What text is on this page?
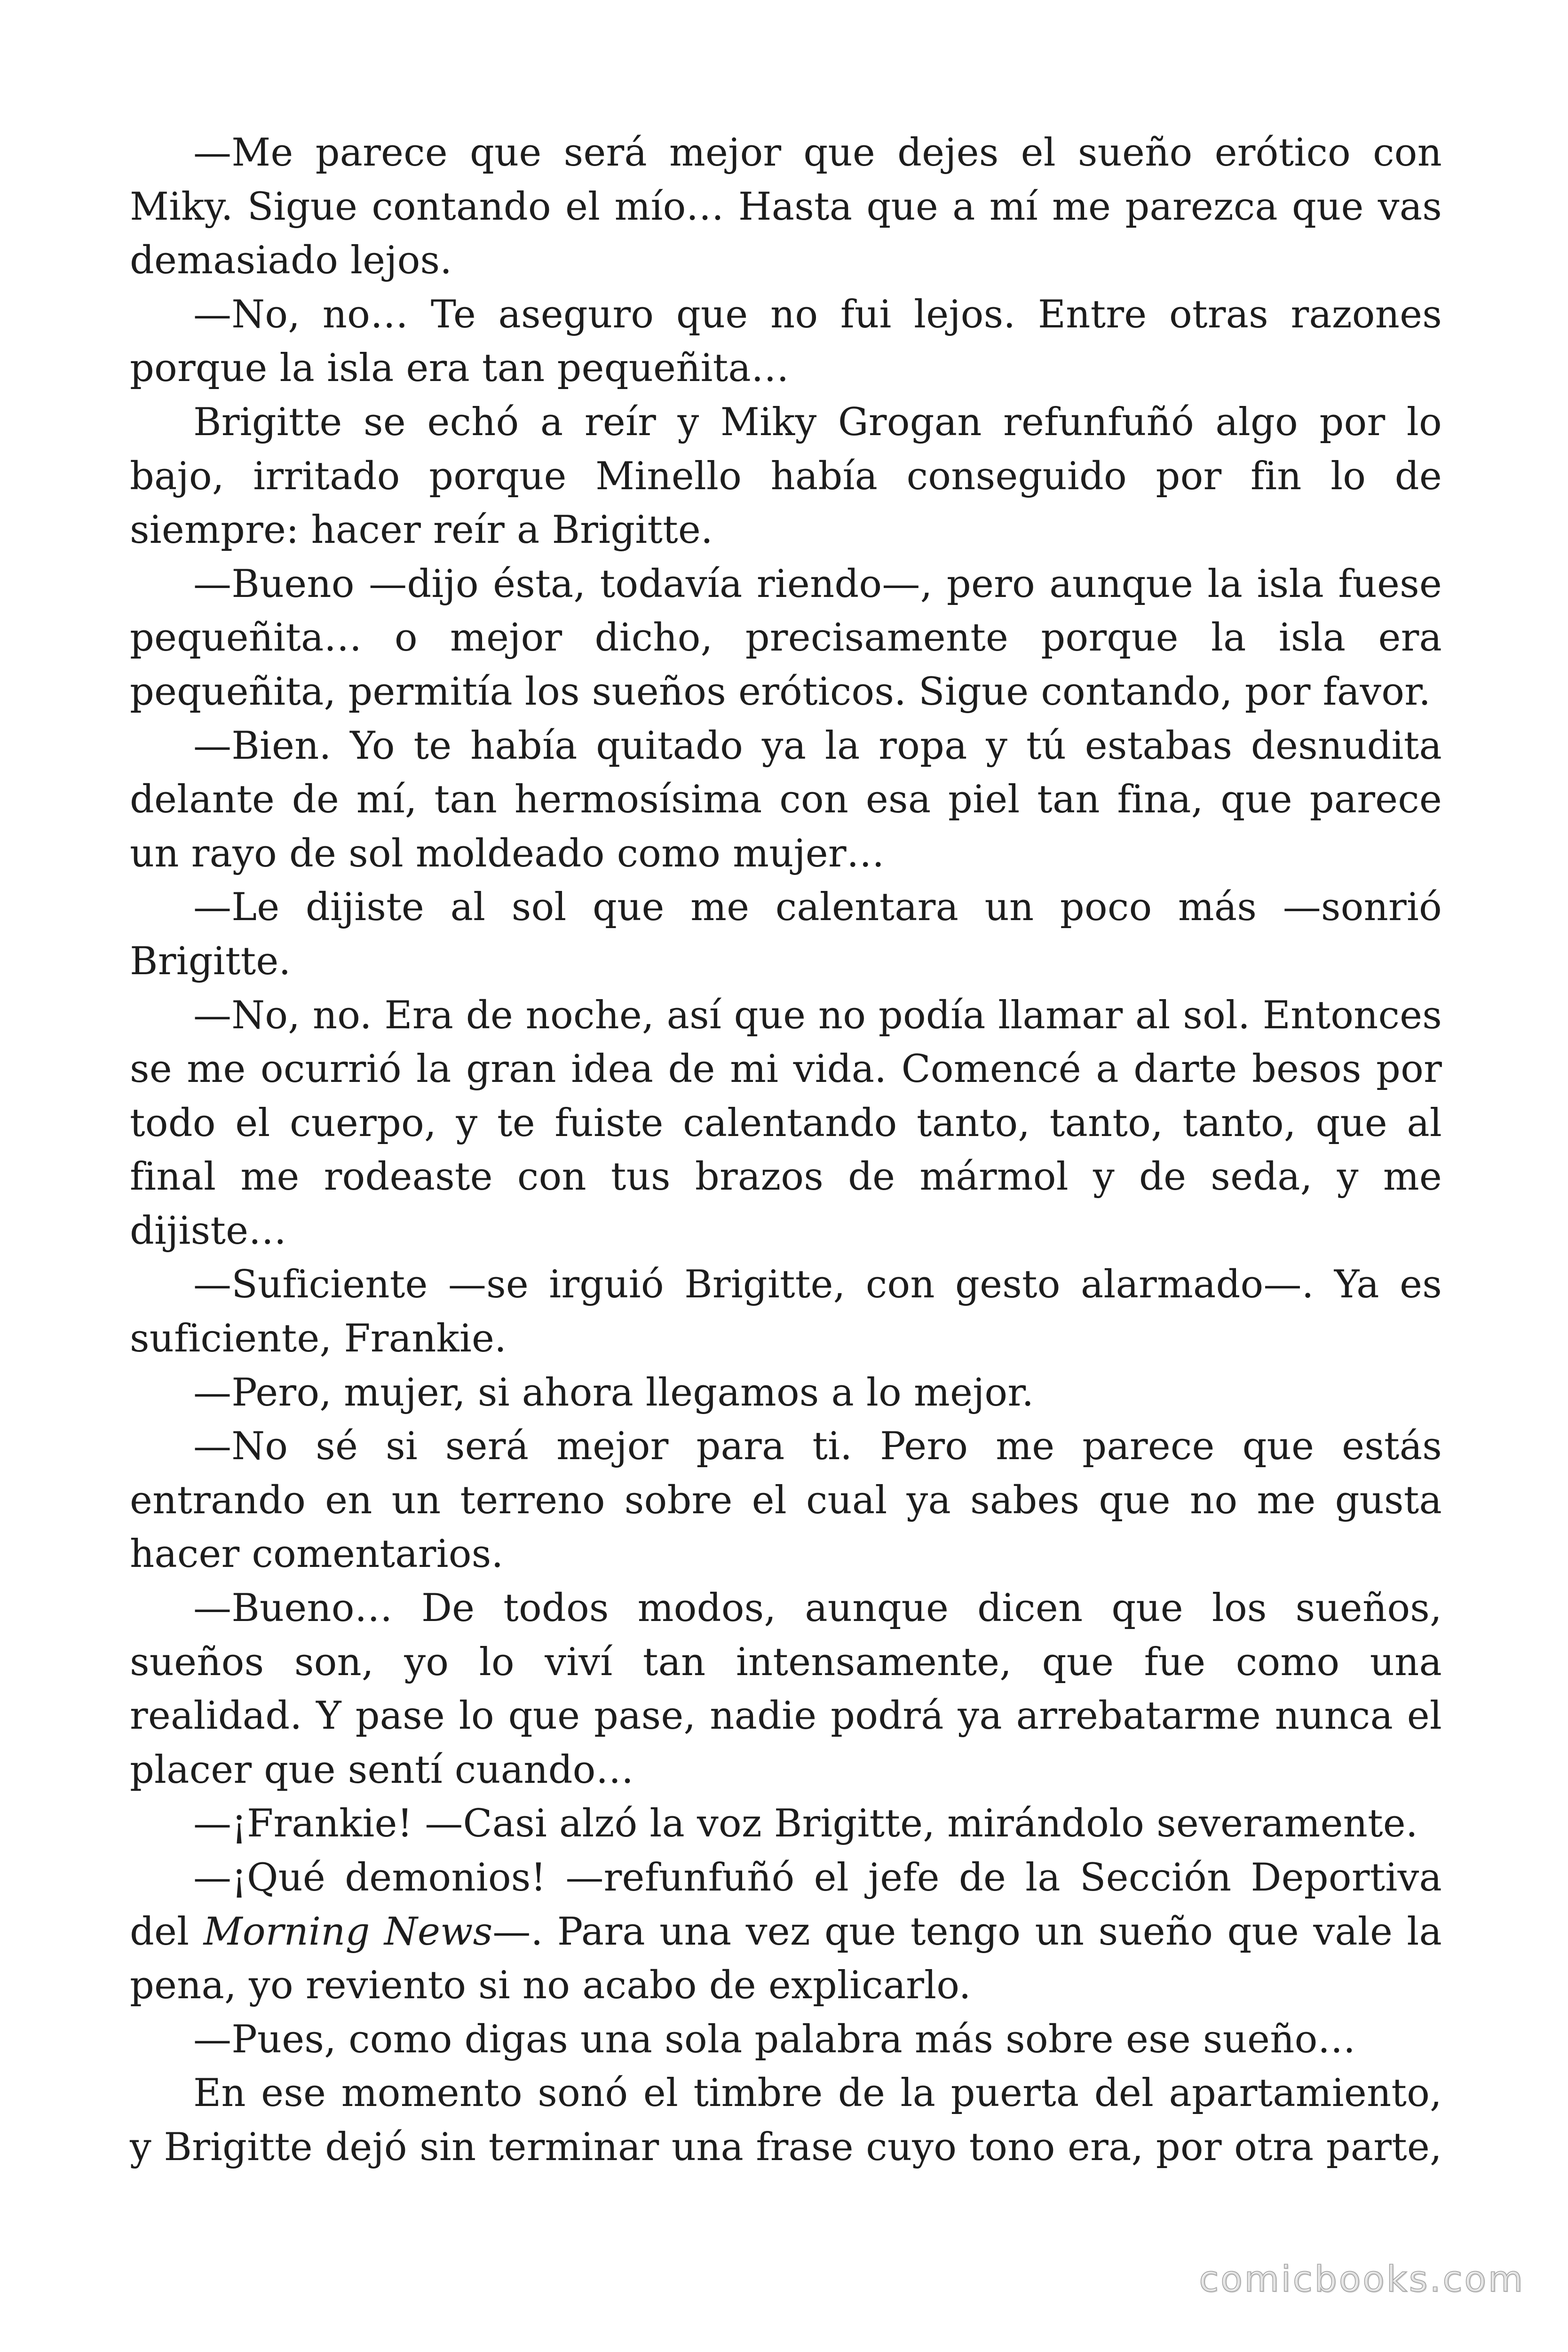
—Me parece que será mejor que dejes el sueño erótico con Miky. Sigue contando el mío… Hasta que a mí me parezca que vas demasiado lejos.

—No, no… Te aseguro que no fui lejos. Entre otras razones porque la isla era tan pequeñita…

Brigitte se echó a reír y Miky Grogan refunfuñó algo por lo bajo, irritado porque Minello había conseguido por fin lo de siempre: hacer reír a Brigitte.

—Bueno —dijo ésta, todavía riendo—, pero aunque la isla fuese pequeñita… o mejor dicho, precisamente porque la isla era pequeñita, permitía los sueños eróticos. Sigue contando, por favor.

—Bien. Yo te había quitado ya la ropa y tú estabas desnudita delante de mí, tan hermosísima con esa piel tan fina, que parece un rayo de sol moldeado como mujer…

—Le dijiste al sol que me calentara un poco más —sonrió Brigitte.

—No, no. Era de noche, así que no podía llamar al sol. Entonces se me ocurrió la gran idea de mi vida. Comencé a darte besos por todo el cuerpo, y te fuiste calentando tanto, tanto, tanto, que al final me rodeaste con tus brazos de mármol y de seda, y me dijiste…

—Suficiente —se irguió Brigitte, con gesto alarmado—. Ya es suficiente, Frankie.

—Pero, mujer, si ahora llegamos a lo mejor.

—No sé si será mejor para ti. Pero me parece que estás entrando en un terreno sobre el cual ya sabes que no me gusta hacer comentarios.

—Bueno… De todos modos, aunque dicen que los sueños, sueños son, yo lo viví tan intensamente, que fue como una realidad. Y pase lo que pase, nadie podrá ya arrebatarme nunca el placer que sentí cuando…

—¡Frankie! —Casi alzó la voz Brigitte, mirándolo severamente.

—¡Qué demonios! —refunfuñó el jefe de la Sección Deportiva del Morning News—. Para una vez que tengo un sueño que vale la pena, yo reviento si no acabo de explicarlo.

—Pues, como digas una sola palabra más sobre ese sueño…

En ese momento sonó el timbre de la puerta del apartamiento, y Brigitte dejó sin terminar una frase cuyo tono era, por otra parte,

comicbooks.com
